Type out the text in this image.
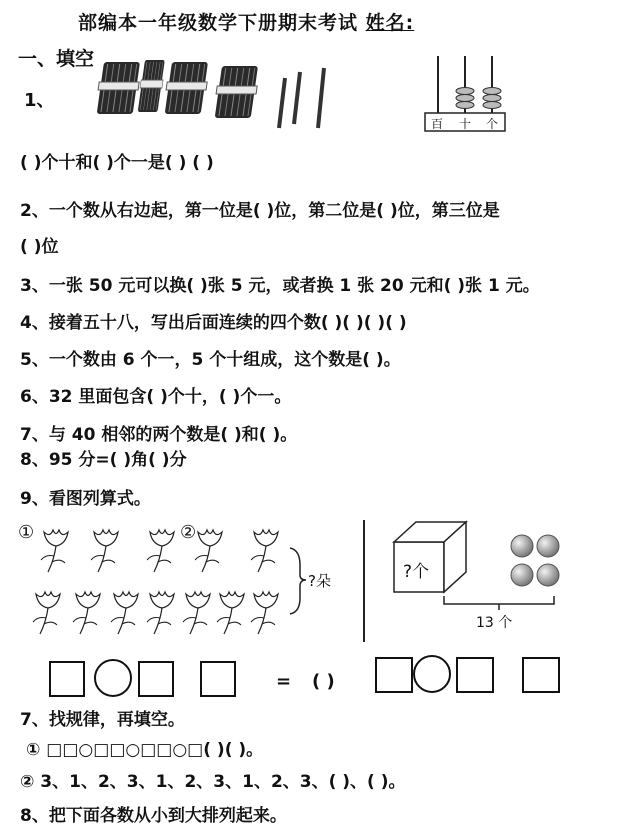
部编本一年级数学下册期末考试 姓名:
一、填空
1、
百 十 个
( )个十和( )个一是( ) ( )
2、一个数从右边起，第一位是( )位，第二位是( )位，第三位是
( )位
3、一张 50 元可以换( )张 5 元，或者换 1 张 20 元和( )张 1 元。
4、接着五十八，写出后面连续的四个数( )( )( )( )
5、一个数由 6 个一，5 个十组成，这个数是( )。
6、32 里面包含( )个十，( )个一。
7、与 40 相邻的两个数是( )和( )。
8、95 分=( )角( )分
9、看图列算式。
①	②
?朵	?个
13 个
= ( )
7、找规律，再填空。
① □□○□□○□□○□( )( )。
② 3、1、2、3、1、2、3、1、2、3、( )、( )。
8、把下面各数从小到大排列起来。
